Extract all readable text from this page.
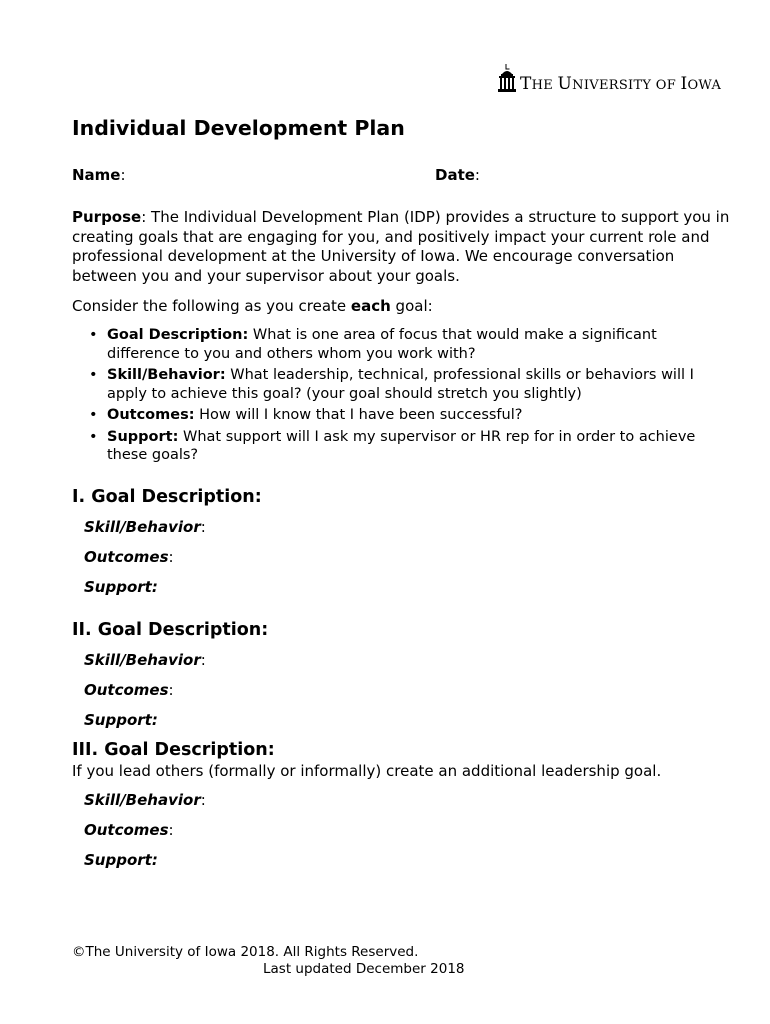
THE UNIVERSITY OF IOWA
Individual Development Plan
Name:	Date:
Purpose: The Individual Development Plan (IDP) provides a structure to support you in creating goals that are engaging for you, and positively impact your current role and professional development at the University of Iowa. We encourage conversation between you and your supervisor about your goals.
Consider the following as you create each goal:
• Goal Description: What is one area of focus that would make a significant difference to you and others whom you work with?
• Skill/Behavior: What leadership, technical, professional skills or behaviors will I apply to achieve this goal? (your goal should stretch you slightly)
• Outcomes: How will I know that I have been successful?
• Support: What support will I ask my supervisor or HR rep for in order to achieve these goals?
I. Goal Description:
Skill/Behavior:
Outcomes:
Support:
II. Goal Description:
Skill/Behavior:
Outcomes:
Support:
III. Goal Description:
If you lead others (formally or informally) create an additional leadership goal.
Skill/Behavior:
Outcomes:
Support:
©The University of Iowa 2018. All Rights Reserved.
Last updated December 2018
